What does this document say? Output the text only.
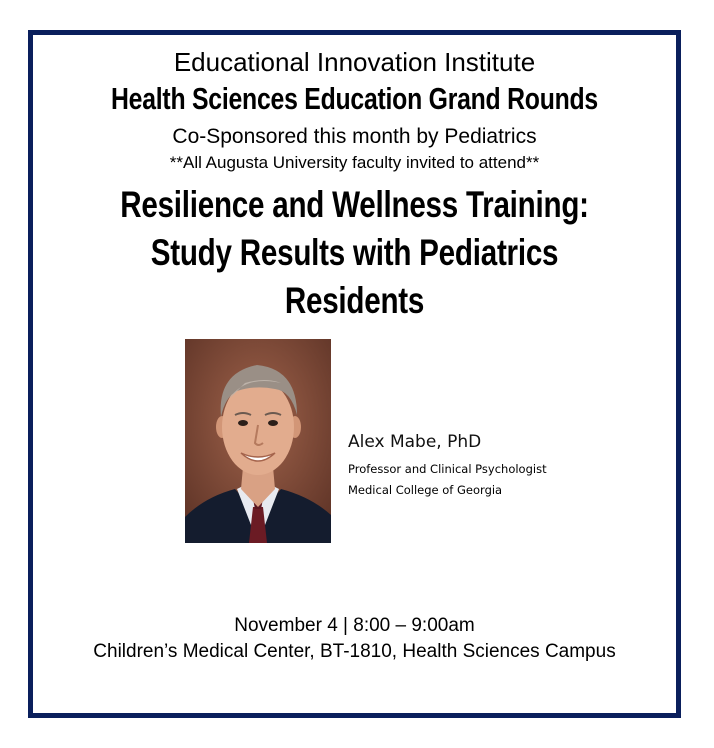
Educational Innovation Institute
Health Sciences Education Grand Rounds
Co-Sponsored this month by Pediatrics
**All Augusta University faculty invited to attend**
Resilience and Wellness Training:
Study Results with Pediatrics
Residents
Alex Mabe, PhD
Professor and Clinical Psychologist
Medical College of Georgia
November 4 | 8:00 – 9:00am
Children’s Medical Center, BT-1810, Health Sciences Campus
